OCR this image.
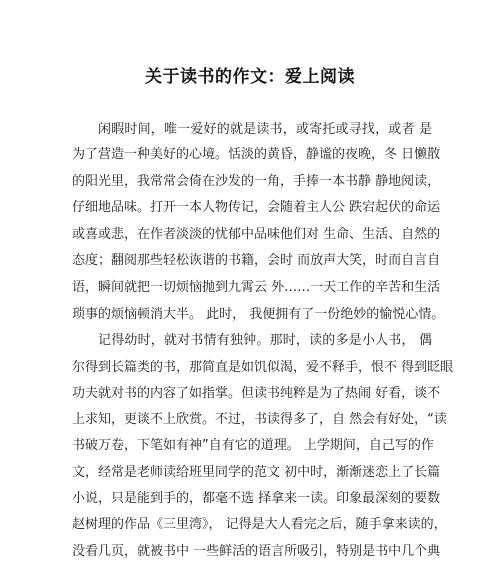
关于读书的作文：爱上阅读
闲暇时间，唯一爱好的就是读书，或寄托或寻找，或者 是
为了营造一种美好的心境。恬淡的黄昏，静谧的夜晚，冬 日懒散
的阳光里，我常常会倚在沙发的一角，手捧一本书静 静地阅读，
仔细地品味。打开一本人物传记，会随着主人公 跌宕起伏的命运
或喜或悲，在作者淡淡的忧郁中品味他们对 生命、生活、自然的
态度；翻阅那些轻松诙谐的书籍，会时 而放声大笑，时而自言自
语，瞬间就把一切烦恼抛到九霄云 外……一天工作的辛苦和生活
琐事的烦恼顿消大半。 此时， 我便拥有了一份绝妙的愉悦心情。
记得幼时，就对书情有独钟。那时，读的多是小人书， 偶
尔得到长篇类的书，那简直是如饥似渴，爱不释手，恨不 得到眨眼
功夫就对书的内容了如指掌。但读书纯粹是为了热闹 好看，谈不
上求知，更谈不上欣赏。不过，书读得多了，自 然会有好处，“读
书破万卷，下笔如有神”自有它的道理。 上学期间，自己写的作
文，经常是老师读给班里同学的范文 初中时，渐渐迷恋上了长篇
小说，只是能到手的，都毫不选 择拿来一读。印象最深刻的要数
赵树理的作品《三里湾》， 记得是大人看完之后，随手拿来读的，
没看几页，就被书中 一些鲜活的语言所吸引，特别是书中几个典
